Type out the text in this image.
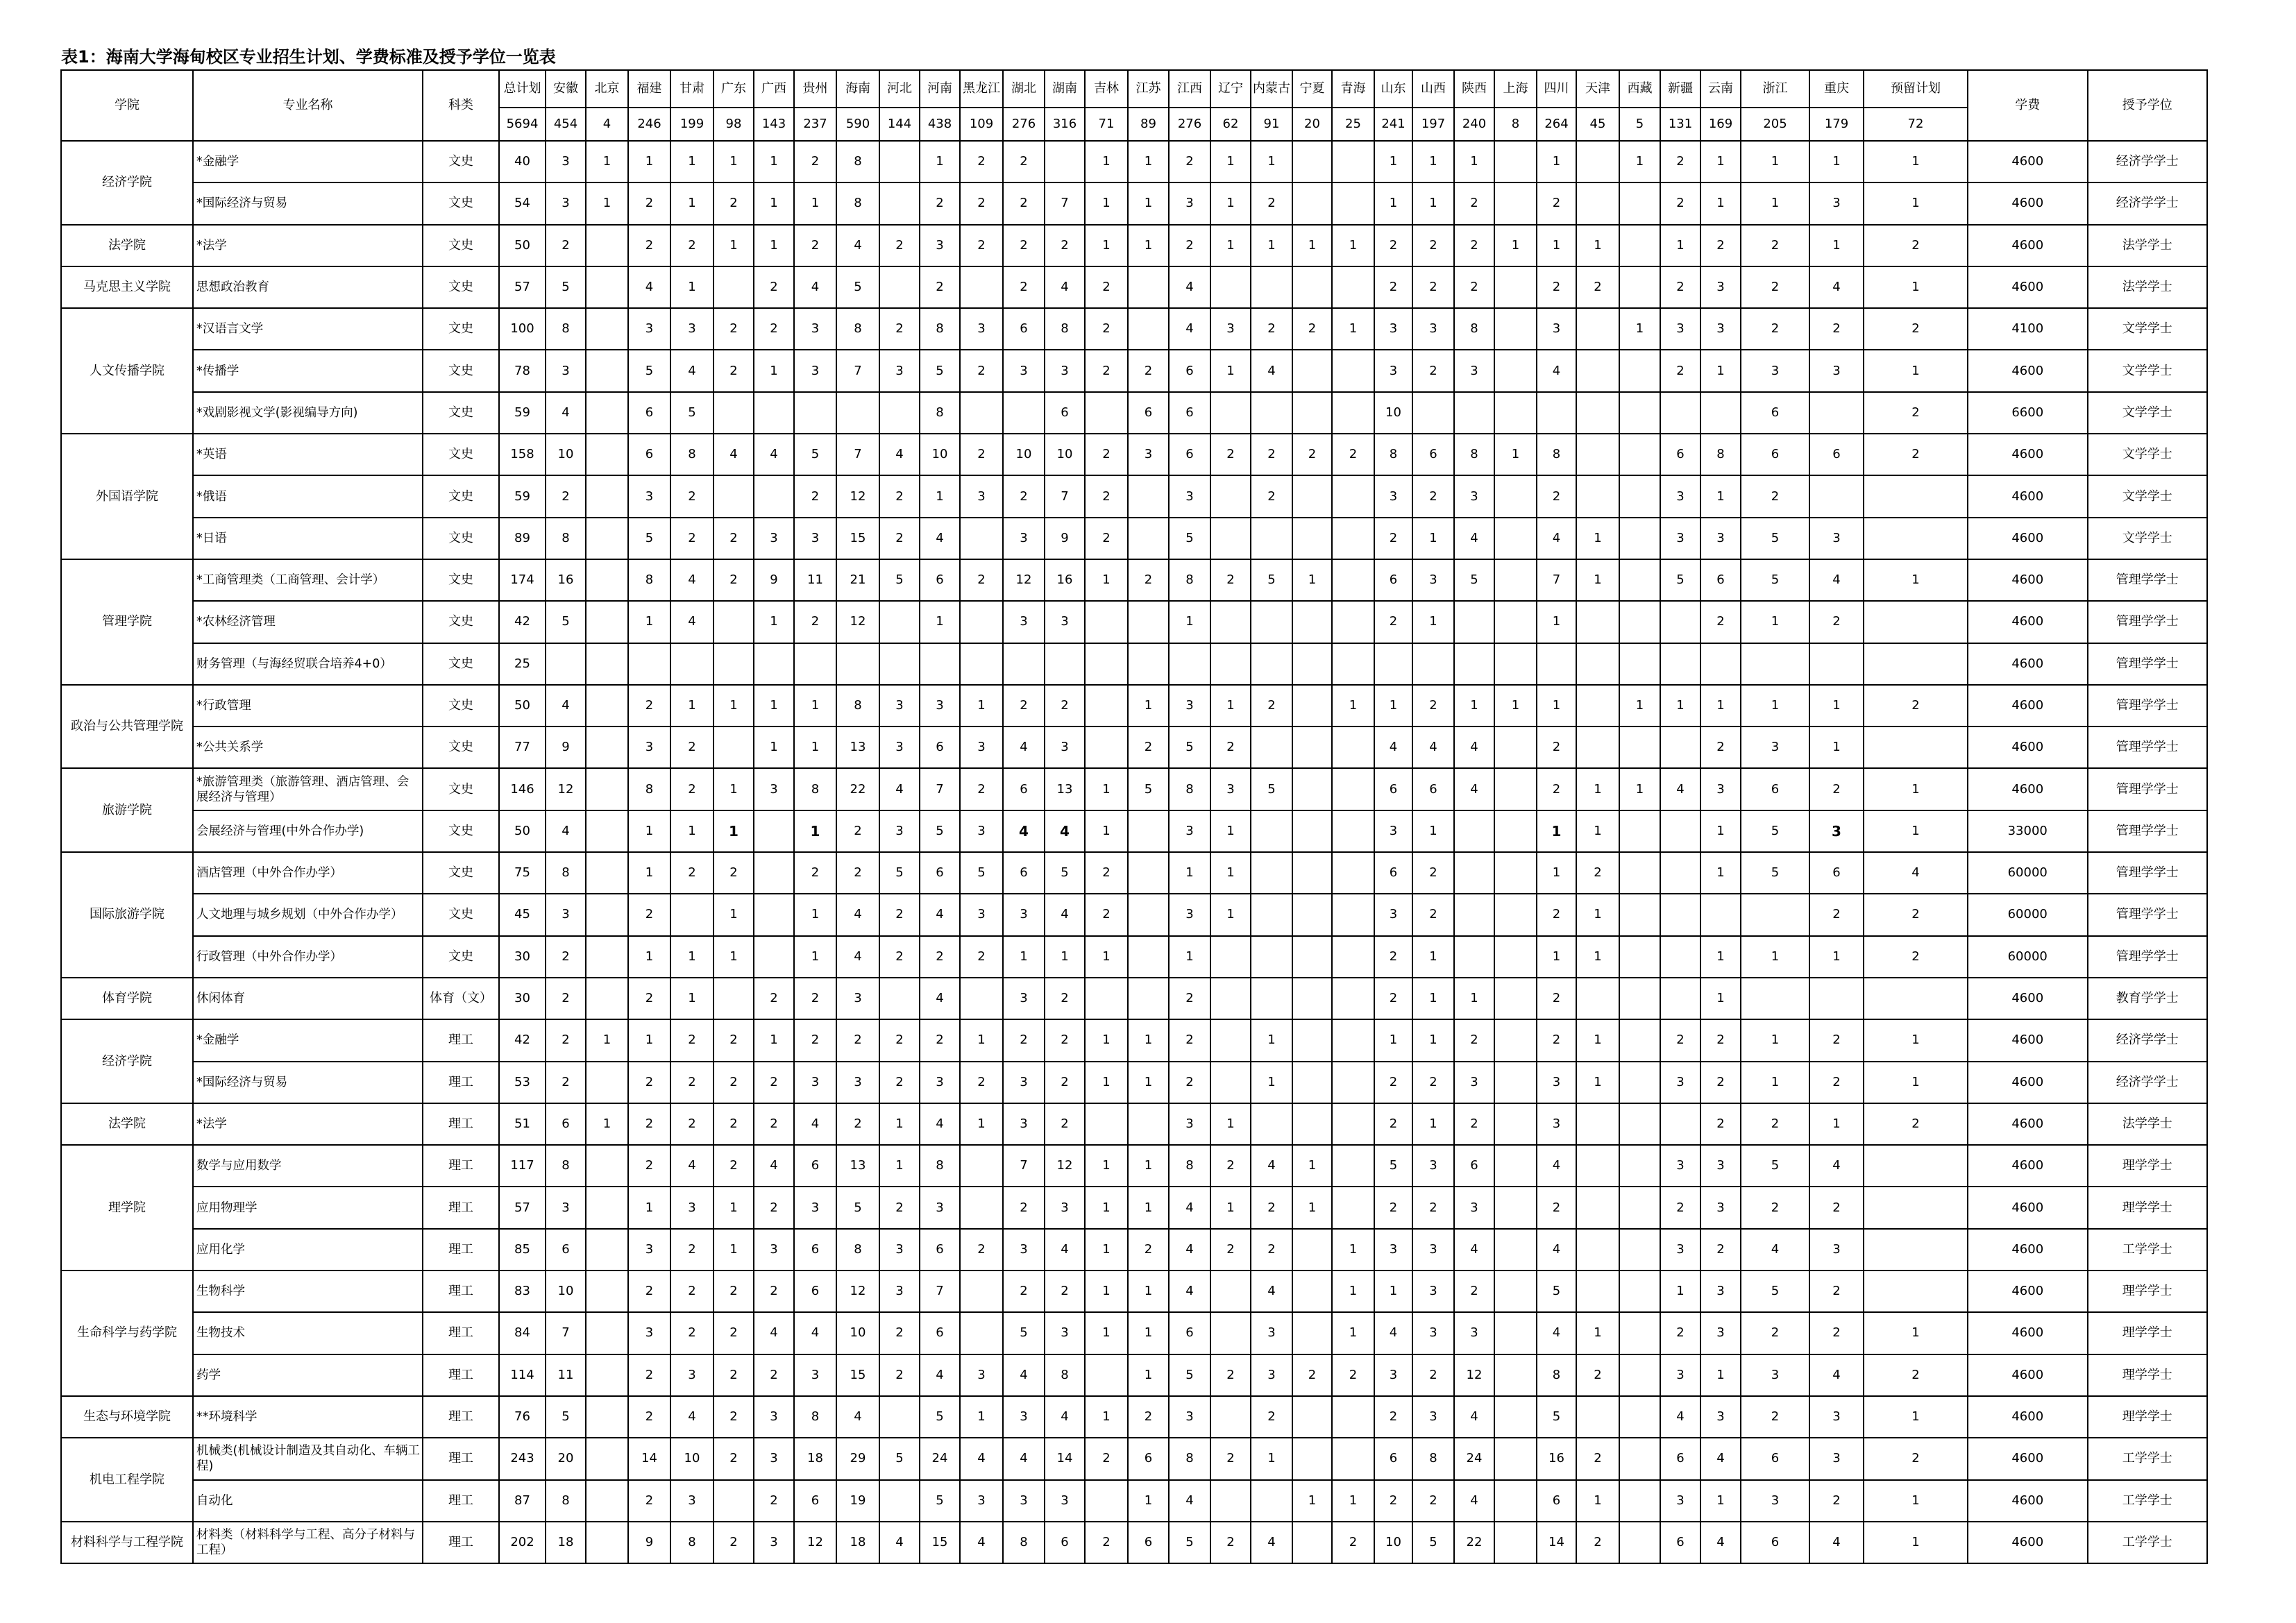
表1：海南大学海甸校区专业招生计划、学费标准及授予学位一览表
学院	专业名称	科类	总计划	安徽	北京	福建	甘肃	广东	广西	贵州	海南	河北	河南	黑龙江	湖北	湖南	吉林	江苏	江西	辽宁	内蒙古	宁夏	青海	山东	山西	陕西	上海	四川	天津	西藏	新疆	云南	浙江	重庆	预留计划	学费	授予学位
			5694	454	4	246	199	98	143	237	590	144	438	109	276	316	71	89	276	62	91	20	25	241	197	240	8	264	45	5	131	169	205	179	72		
经济学院	*金融学	文史	40	3	1	1	1	1	1	2	8		1	2	2		1	1	2	1	1			1	1	1		1		1	2	1	1	1	1	4600	经济学学士
	*国际经济与贸易	文史	54	3	1	2	1	2	1	1	8		2	2	2	7	1	1	3	1	2			1	1	2		2			2	1	1	3	1	4600	经济学学士
法学院	*法学	文史	50	2		2	2	1	1	2	4	2	3	2	2	2	1	1	2	1	1	1	1	2	2	2	1	1	1		1	2	2	1	2	4600	法学学士
马克思主义学院	思想政治教育	文史	57	5		4	1		2	4	5		2		2	4	2		4					2	2	2		2	2		2	3	2	4	1	4600	法学学士
人文传播学院	*汉语言文学	文史	100	8		3	3	2	2	3	8	2	8	3	6	8	2		4	3	2	2	1	3	3	8		3		1	3	3	2	2	2	4100	文学学士
	*传播学	文史	78	3		5	4	2	1	3	7	3	5	2	3	3	2	2	6	1	4			3	2	3		4			2	1	3	3	1	4600	文学学士
	*戏剧影视文学(影视编导方向)	文史	59	4		6	5						8			6		6	6					10									6		2	6600	文学学士
外国语学院	*英语	文史	158	10		6	8	4	4	5	7	4	10	2	10	10	2	3	6	2	2	2	2	8	6	8	1	8			6	8	6	6	2	4600	文学学士
	*俄语	文史	59	2		3	2			2	12	2	1	3	2	7	2		3		2			3	2	3		2			3	1	2			4600	文学学士
	*日语	文史	89	8		5	2	2	3	3	15	2	4		3	9	2		5					2	1	4		4	1		3	3	5	3		4600	文学学士
管理学院	*工商管理类（工商管理、会计学）	文史	174	16		8	4	2	9	11	21	5	6	2	12	16	1	2	8	2	5	1		6	3	5		7	1		5	6	5	4	1	4600	管理学学士
	*农林经济管理	文史	42	5		1	4		1	2	12		1		3	3			1					2	1			1				2	1	2		4600	管理学学士
	财务管理（与海经贸联合培养4+0）	文史	25																																	4600	管理学学士
政治与公共管理学院	*行政管理	文史	50	4		2	1	1	1	1	8	3	3	1	2	2		1	3	1	2		1	1	2	1	1	1		1	1	1	1	1	2	4600	管理学学士
	*公共关系学	文史	77	9		3	2		1	1	13	3	6	3	4	3		2	5	2				4	4	4		2				2	3	1		4600	管理学学士
旅游学院	*旅游管理类（旅游管理、酒店管理、会展经济与管理）	文史	146	12		8	2	1	3	8	22	4	7	2	6	13	1	5	8	3	5			6	6	4		2	1	1	4	3	6	2	1	4600	管理学学士
	会展经济与管理(中外合作办学)	文史	50	4		1	1	1		1	2	3	5	3	4	4	1		3	1				3	1			1	1			1	5	3	1	33000	管理学学士
国际旅游学院	酒店管理（中外合作办学）	文史	75	8		1	2	2		2	2	5	6	5	6	5	2		1	1				6	2			1	2			1	5	6	4	60000	管理学学士
	人文地理与城乡规划（中外合作办学）	文史	45	3		2		1		1	4	2	4	3	3	4	2		3	1				3	2			2	1					2	2	60000	管理学学士
	行政管理（中外合作办学）	文史	30	2		1	1	1		1	4	2	2	2	1	1	1		1					2	1			1	1			1	1	1	2	60000	管理学学士
体育学院	休闲体育	体育（文）	30	2		2	1		2	2	3		4		3	2			2					2	1	1		2				1				4600	教育学学士
经济学院	*金融学	理工	42	2	1	1	2	2	1	2	2	2	2	1	2	2	1	1	2		1			1	1	2		2	1		2	2	1	2	1	4600	经济学学士
	*国际经济与贸易	理工	53	2		2	2	2	2	3	3	2	3	2	3	2	1	1	2		1			2	2	3		3	1		3	2	1	2	1	4600	经济学学士
法学院	*法学	理工	51	6	1	2	2	2	2	4	2	1	4	1	3	2			3	1				2	1	2		3				2	2	1	2	4600	法学学士
理学院	数学与应用数学	理工	117	8		2	4	2	4	6	13	1	8		7	12	1	1	8	2	4	1		5	3	6		4			3	3	5	4		4600	理学学士
	应用物理学	理工	57	3		1	3	1	2	3	5	2	3		2	3	1	1	4	1	2	1		2	2	3		2			2	3	2	2		4600	理学学士
	应用化学	理工	85	6		3	2	1	3	6	8	3	6	2	3	4	1	2	4	2	2		1	3	3	4		4			3	2	4	3		4600	工学学士
生命科学与药学院	生物科学	理工	83	10		2	2	2	2	6	12	3	7		2	2	1	1	4		4		1	1	3	2		5			1	3	5	2		4600	理学学士
	生物技术	理工	84	7		3	2	2	4	4	10	2	6		5	3	1	1	6		3		1	4	3	3		4	1		2	3	2	2	1	4600	理学学士
	药学	理工	114	11		2	3	2	2	3	15	2	4	3	4	8		1	5	2	3	2	2	3	2	12		8	2		3	1	3	4	2	4600	理学学士
生态与环境学院	**环境科学	理工	76	5		2	4	2	3	8	4		5	1	3	4	1	2	3		2			2	3	4		5			4	3	2	3	1	4600	理学学士
机电工程学院	机械类(机械设计制造及其自动化、车辆工程)	理工	243	20		14	10	2	3	18	29	5	24	4	4	14	2	6	8	2	1			6	8	24		16	2		6	4	6	3	2	4600	工学学士
	自动化	理工	87	8		2	3		2	6	19		5	3	3	3		1	4			1	1	2	2	4		6	1		3	1	3	2	1	4600	工学学士
材料科学与工程学院	材料类（材料科学与工程、高分子材料与工程）	理工	202	18		9	8	2	3	12	18	4	15	4	8	6	2	6	5	2	4		2	10	5	22		14	2		6	4	6	4	1	4600	工学学士
